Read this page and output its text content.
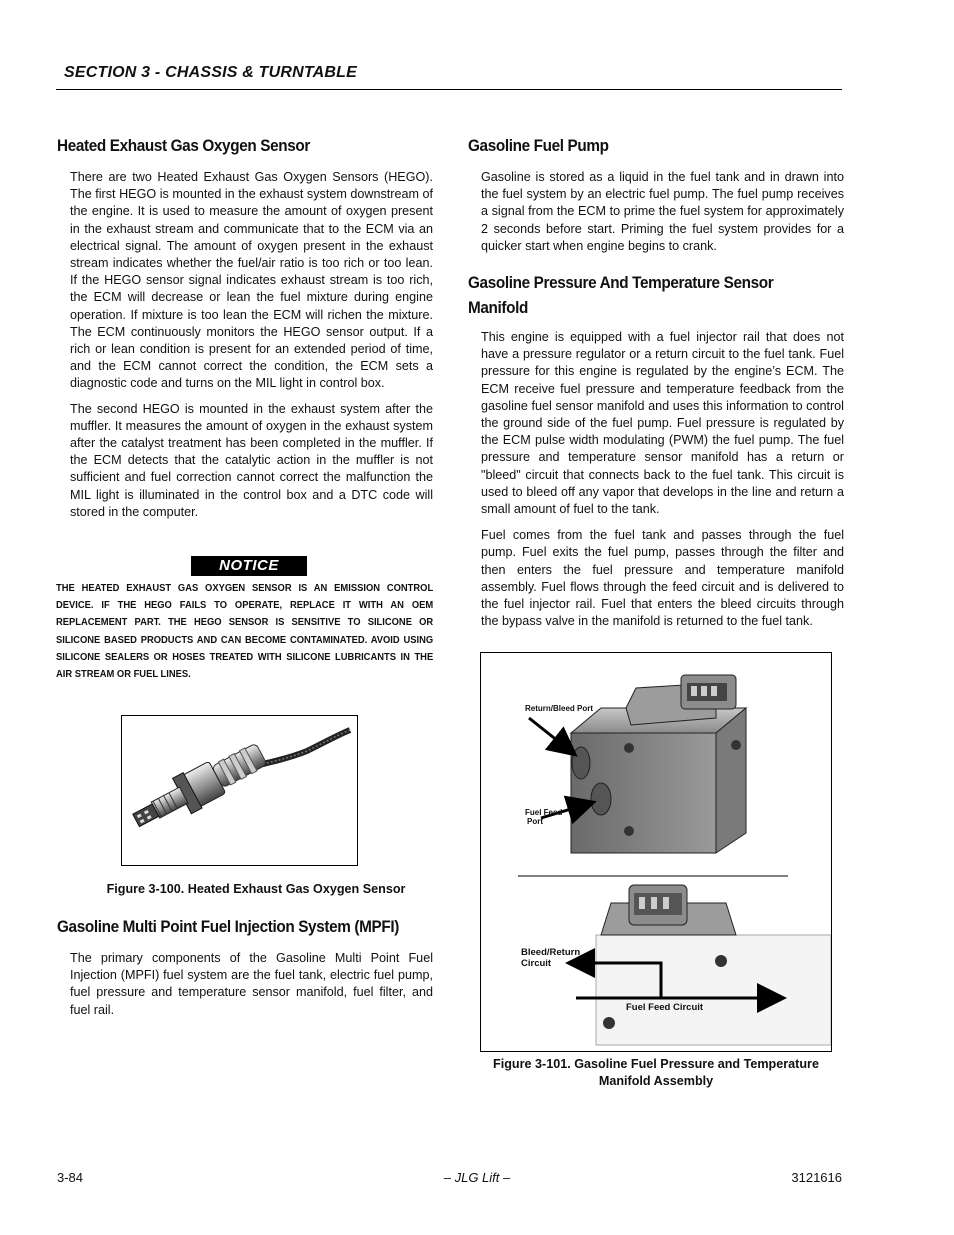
SECTION 3 - CHASSIS & TURNTABLE
Heated Exhaust Gas Oxygen Sensor

There are two Heated Exhaust Gas Oxygen Sensors (HEGO). The first HEGO is mounted in the exhaust system downstream of the engine. It is used to measure the amount of oxygen present in the exhaust stream and communicate that to the ECM via an electrical signal. The amount of oxygen present in the exhaust stream indicates whether the fuel/air ratio is too rich or too lean. If the HEGO sensor signal indicates exhaust stream is too rich, the ECM will decrease or lean the fuel mixture during engine operation. If mixture is too lean the ECM will richen the mixture. The ECM continuously monitors the HEGO sensor output. If a rich or lean condition is present for an extended period of time, and the ECM cannot correct the condition, the ECM sets a diagnostic code and turns on the MIL light in control box.

The second HEGO is mounted in the exhaust system after the muffler. It measures the amount of oxygen in the exhaust system after the catalyst treatment has been completed in the muffler. If the ECM detects that the catalytic action in the muffler is not sufficient and fuel correction cannot correct the malfunction the MIL light is illuminated in the control box and a DTC code will stored in the computer.

NOTICE
THE HEATED EXHAUST GAS OXYGEN SENSOR IS AN EMISSION CONTROL DEVICE. IF THE HEGO FAILS TO OPERATE, REPLACE IT WITH AN OEM REPLACEMENT PART. THE HEGO SENSOR IS SENSITIVE TO SILICONE OR SILICONE BASED PRODUCTS AND CAN BECOME CONTAMINATED. AVOID USING SILICONE SEALERS OR HOSES TREATED WITH SILICONE LUBRICANTS IN THE AIR STREAM OR FUEL LINES.
Figure 3-100. Heated Exhaust Gas Oxygen Sensor
Gasoline Multi Point Fuel Injection System (MPFI)

The primary components of the Gasoline Multi Point Fuel Injection (MPFI) fuel system are the fuel tank, electric fuel pump, fuel pressure and temperature sensor manifold, fuel filter, and fuel rail.

Gasoline Fuel Pump

Gasoline is stored as a liquid in the fuel tank and in drawn into the fuel system by an electric fuel pump. The fuel pump receives a signal from the ECM to prime the fuel system for approximately 2 seconds before start. Priming the fuel system provides for a quicker start when engine begins to crank.

Gasoline Pressure And Temperature Sensor Manifold

This engine is equipped with a fuel injector rail that does not have a pressure regulator or a return circuit to the fuel tank. Fuel pressure for this engine is regulated by the engine’s ECM. The ECM receive fuel pressure and temperature feedback from the gasoline fuel sensor manifold and uses this information to control the ground side of the fuel pump. Fuel pressure is regulated by the ECM pulse width modulating (PWM) the fuel pump. The fuel pressure and temperature sensor manifold has a return or "bleed" circuit that connects back to the fuel tank. This circuit is used to bleed off any vapor that develops in the line and return a small amount of fuel to the tank.

Fuel comes from the fuel tank and passes through the fuel pump. Fuel exits the fuel pump, passes through the filter and then enters the fuel pressure and temperature manifold assembly. Fuel flows through the feed circuit and is delivered to the fuel injector rail. Fuel that enters the bleed circuits through the bypass valve in the manifold is returned to the fuel tank.

Return/Bleed Port
Fuel Feed
Port
Bleed/Return
Circuit
Fuel Feed Circuit
Figure 3-101. Gasoline Fuel Pressure and Temperature
Manifold Assembly
3-84	– JLG Lift –	3121616
